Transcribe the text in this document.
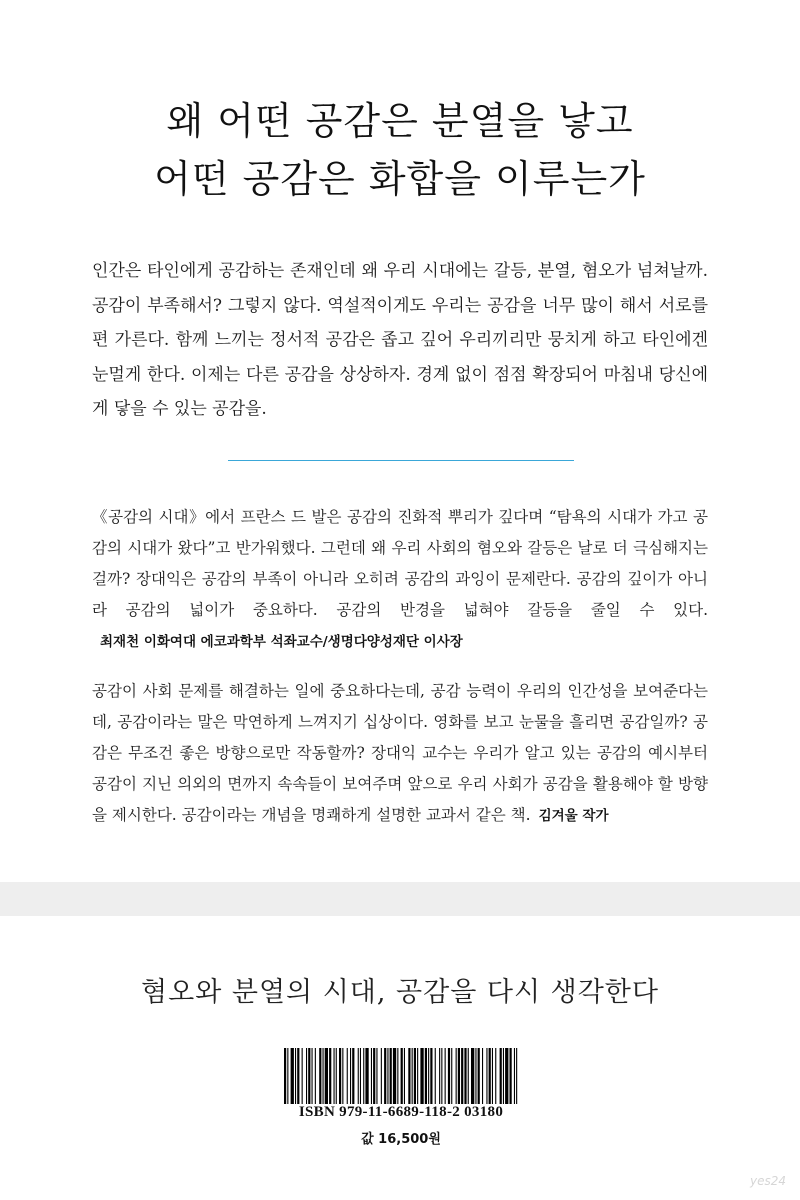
왜 어떤 공감은 분열을 낳고
어떤 공감은 화합을 이루는가
인간은 타인에게 공감하는 존재인데 왜 우리 시대에는 갈등, 분열, 혐오가 넘쳐날까. 공감이 부족해서? 그렇지 않다. 역설적이게도 우리는 공감을 너무 많이 해서 서로를 편 가른다. 함께 느끼는 정서적 공감은 좁고 깊어 우리끼리만 뭉치게 하고 타인에겐 눈멀게 한다. 이제는 다른 공감을 상상하자. 경계 없이 점점 확장되어 마침내 당신에게 닿을 수 있는 공감을.
《공감의 시대》에서 프란스 드 발은 공감의 진화적 뿌리가 깊다며 “탐욕의 시대가 가고 공감의 시대가 왔다”고 반가워했다. 그런데 왜 우리 사회의 혐오와 갈등은 날로 더 극심해지는 걸까? 장대익은 공감의 부족이 아니라 오히려 공감의 과잉이 문제란다. 공감의 깊이가 아니라 공감의 넓이가 중요하다. 공감의 반경을 넓혀야 갈등을 줄일 수 있다.최재천 이화여대 에코과학부 석좌교수/생명다양성재단 이사장
공감이 사회 문제를 해결하는 일에 중요하다는데, 공감 능력이 우리의 인간성을 보여준다는데, 공감이라는 말은 막연하게 느껴지기 십상이다. 영화를 보고 눈물을 흘리면 공감일까? 공감은 무조건 좋은 방향으로만 작동할까? 장대익 교수는 우리가 알고 있는 공감의 예시부터 공감이 지닌 의외의 면까지 속속들이 보여주며 앞으로 우리 사회가 공감을 활용해야 할 방향을 제시한다. 공감이라는 개념을 명쾌하게 설명한 교과서 같은 책. 김겨울 작가
혐오와 분열의 시대, 공감을 다시 생각한다
ISBN 979-11-6689-118-2 03180
값 16,500원
yes24
